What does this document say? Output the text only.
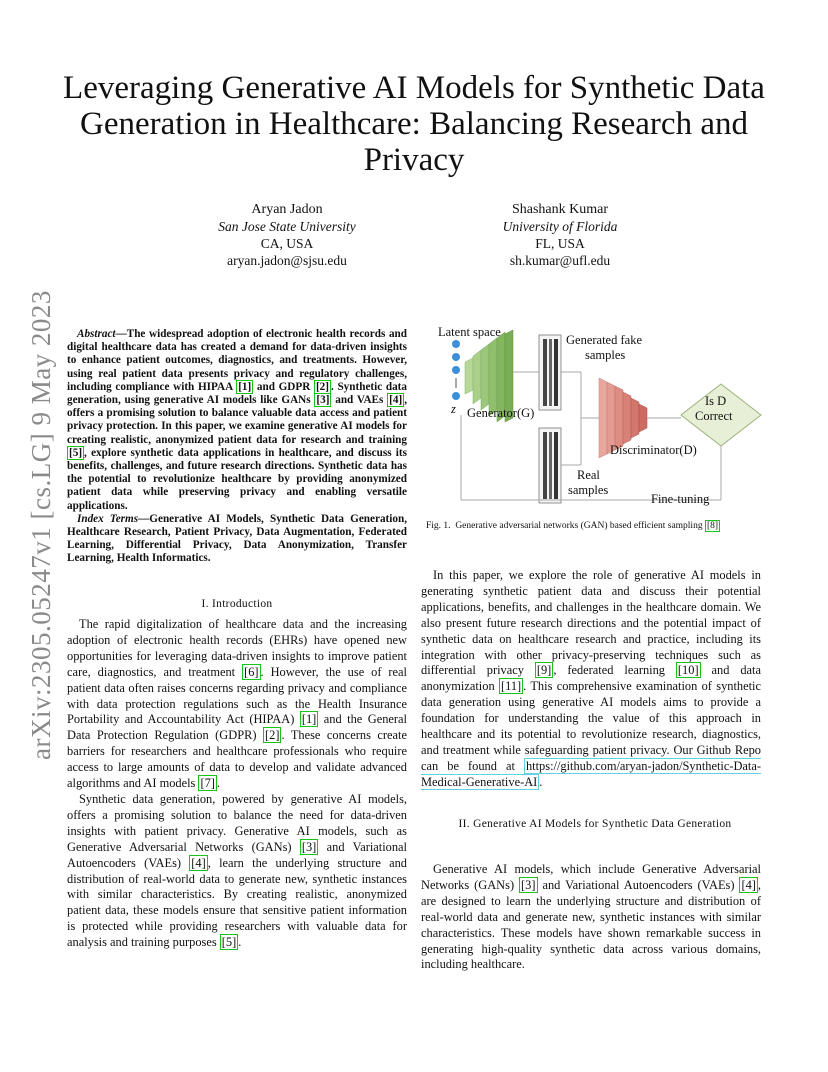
arXiv:2305.05247v1 [cs.LG] 9 May 2023
Leveraging Generative AI Models for Synthetic Data Generation in Healthcare: Balancing Research and Privacy
Aryan Jadon
San Jose State University
CA, USA
aryan.jadon@sjsu.edu
Shashank Kumar
University of Florida
FL, USA
sh.kumar@ufl.edu

Abstract—The widespread adoption of electronic health records and digital healthcare data has created a demand for data-driven insights to enhance patient outcomes, diagnostics, and treatments. However, using real patient data presents privacy and regulatory challenges, including compliance with HIPAA [1] and GDPR [2] . Synthetic data generation, using generative AI models like GANs [3] and VAEs [4] , offers a promising solution to balance valuable data access and patient privacy protection. In this paper, we examine generative AI models for creating realistic, anonymized patient data for research and training [5] , explore synthetic data applications in healthcare, and discuss its benefits, challenges, and future research directions. Synthetic data has the potential to revolutionize healthcare by providing anonymized patient data while preserving privacy and enabling versatile applications.

Index Terms—Generative AI Models, Synthetic Data Generation, Healthcare Research, Patient Privacy, Data Augmentation, Federated Learning, Differential Privacy, Data Anonymization, Transfer Learning, Health Informatics.

I. Introduction

The rapid digitalization of healthcare data and the increasing adoption of electronic health records (EHRs) have opened new opportunities for leveraging data-driven insights to improve patient care, diagnostics, and treatment [6] . However, the use of real patient data often raises concerns regarding privacy and compliance with data protection regulations such as the Health Insurance Portability and Accountability Act (HIPAA) [1] and the General Data Protection Regulation (GDPR) [2] . These concerns create barriers for researchers and healthcare professionals who require access to large amounts of data to develop and validate advanced algorithms and AI models [7] .

Synthetic data generation, powered by generative AI models, offers a promising solution to balance the need for data-driven insights with patient privacy. Generative AI models, such as Generative Adversarial Networks (GANs) [3] and Variational Autoencoders (VAEs) [4] , learn the underlying structure and distribution of real-world data to generate new, synthetic instances with similar characteristics. By creating realistic, anonymized patient data, these models ensure that sensitive patient information is protected while providing researchers with valuable data for analysis and training purposes [5] .

Latent space
z Generator(G)
Generated fake
samples
Discriminator(D)
Is D
Correct
Real
samples
Fine-tuning
Fig. 1. Generative adversarial networks (GAN) based efficient sampling [8]

In this paper, we explore the role of generative AI models in generating synthetic patient data and discuss their potential applications, benefits, and challenges in the healthcare domain. We also present future research directions and the potential impact of synthetic data on healthcare research and practice, including its integration with other privacy-preserving techniques such as differential privacy [9] , federated learning [10] and data anonymization [11] . This comprehensive examination of synthetic data generation using generative AI models aims to provide a foundation for understanding the value of this approach in healthcare and its potential to revolutionize research, diagnostics, and treatment while safeguarding patient privacy. Our Github Repo can be found at https://github.com/aryan-jadon/Synthetic-Data-Medical-Generative-AI .

II. Generative AI Models for Synthetic Data Generation

Generative AI models, which include Generative Adversarial Networks (GANs) [3] and Variational Autoencoders (VAEs) [4] , are designed to learn the underlying structure and distribution of real-world data and generate new, synthetic instances with similar characteristics. These models have shown remarkable success in generating high-quality synthetic data across various domains, including healthcare.
